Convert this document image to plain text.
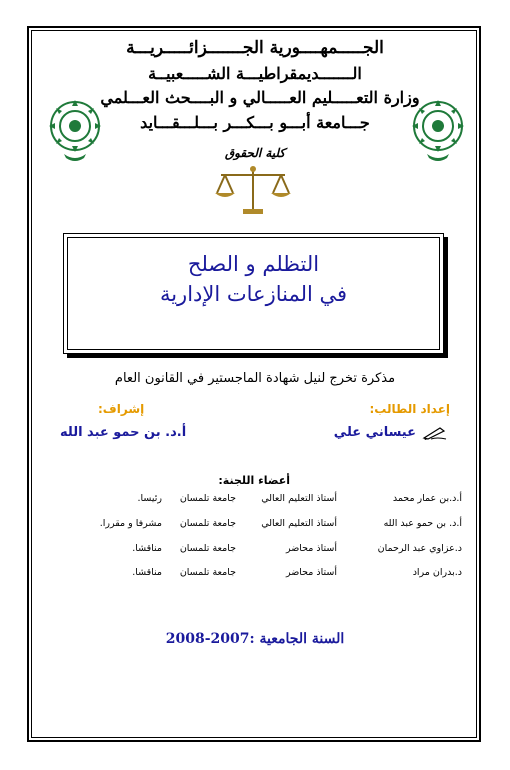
الجـــــمهــــورية الجـــــــزائـــــريـــة
الـــــــديمقراطيـــة الشـــــعبيــة
وزارة التعـــــليم العـــــالي و البــــحث العـــلمي
جـــامعة أبـــو بـــكـــر بـــلـــقـــايد
كلية الحقوق
التظلم و الصلح
في المنازعات الإدارية
مذكرة تخرج لنيل شهادة الماجستير في القانون العام
إعداد الطالب:
إشراف:
عيساني علي
أ.د. بن حمو عبد الله
أعضاء اللجنة:
أ.د.بن عمار محمد
أستاذ التعليم العالي
جامعة تلمسان
رئيسا.
أ.د. بن حمو عبد الله
أستاذ التعليم العالي
جامعة تلمسان
مشرفا و مقررا.
د.عزاوي عبد الرحمان
أستاذ محاضر
جامعة تلمسان
مناقشا.
د.بدران مراد
أستاذ محاضر
جامعة تلمسان
مناقشا.
السنة الجامعية :2007-2008
